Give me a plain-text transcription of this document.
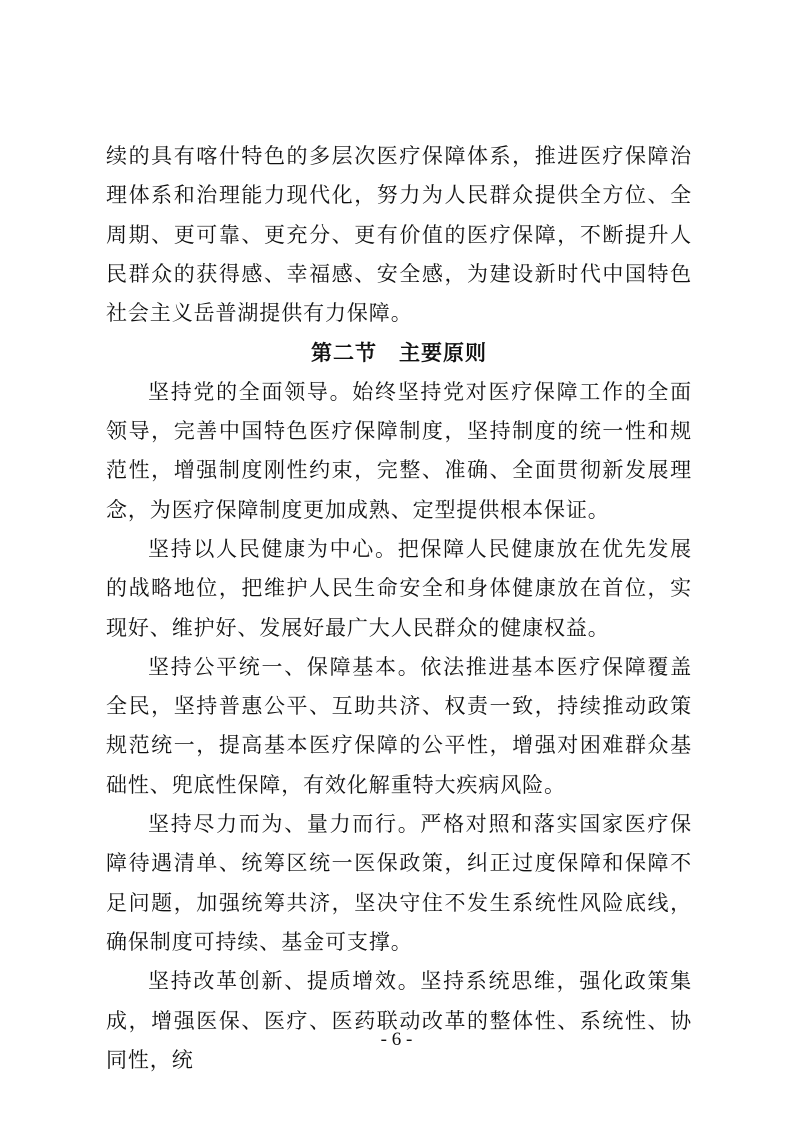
续的具有喀什特色的多层次医疗保障体系，推进医疗保障治理体系和治理能力现代化，努力为人民群众提供全方位、全周期、更可靠、更充分、更有价值的医疗保障，不断提升人民群众的获得感、幸福感、安全感，为建设新时代中国特色社会主义岳普湖提供有力保障。

第二节　主要原则

坚持党的全面领导。始终坚持党对医疗保障工作的全面领导，完善中国特色医疗保障制度，坚持制度的统一性和规范性，增强制度刚性约束，完整、准确、全面贯彻新发展理念，为医疗保障制度更加成熟、定型提供根本保证。

坚持以人民健康为中心。把保障人民健康放在优先发展的战略地位，把维护人民生命安全和身体健康放在首位，实现好、维护好、发展好最广大人民群众的健康权益。

坚持公平统一、保障基本。依法推进基本医疗保障覆盖全民，坚持普惠公平、互助共济、权责一致，持续推动政策规范统一，提高基本医疗保障的公平性，增强对困难群众基础性、兜底性保障，有效化解重特大疾病风险。

坚持尽力而为、量力而行。严格对照和落实国家医疗保障待遇清单、统筹区统一医保政策，纠正过度保障和保障不足问题，加强统筹共济，坚决守住不发生系统性风险底线，确保制度可持续、基金可支撑。

坚持改革创新、提质增效。坚持系统思维，强化政策集成，增强医保、医疗、医药联动改革的整体性、系统性、协同性，统

- 6 -
